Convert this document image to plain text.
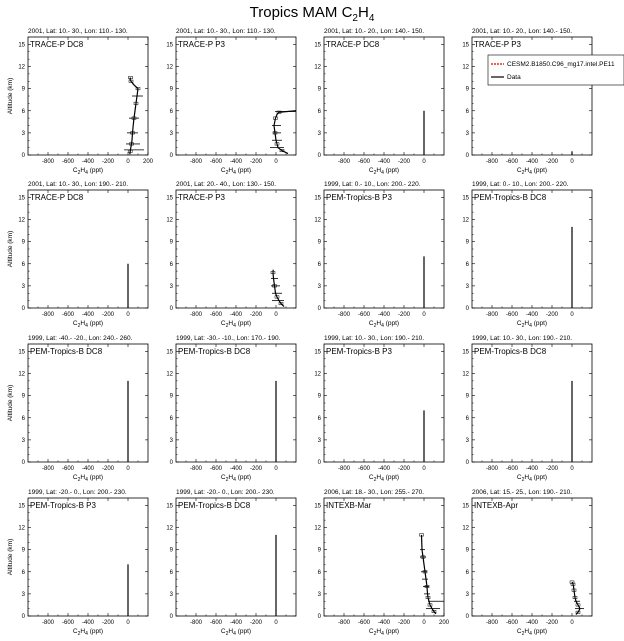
Tropics MAM $C_2H_4$
2001, Lat: 10.- 30., Lon: 110.- 130.
TRACE-P DC8
0
3
6
9
12
15
-800 -600 -400 -200 0 200
$C_2H_4$ (ppt)
Altitude (km)
2001, Lat: 10.- 30., Lon: 110.- 130.
TRACE-P P3
0
3
6
9
12
15
-800 -600 -400 -200 0
$C_2H_4$ (ppt)
2001, Lat: 10.- 20., Lon: 140.- 150.
TRACE-P DC8
0
3
6
9
12
15
-800 -600 -400 -200 0
$C_2H_4$ (ppt)
2001, Lat: 10.- 20., Lon: 140.- 150.
TRACE-P P3
0
3
6
9
12
15
-800 -600 -400 -200 0
$C_2H_4$ (ppt)
2001, Lat: 10.- 30., Lon: 190.- 210.
TRACE-P DC8
0
3
6
9
12
15
-800 -600 -400 -200 0
$C_2H_4$ (ppt)
Altitude (km)
2001, Lat: 20.- 40., Lon: 130.- 150.
TRACE-P P3
0
3
6
9
12
15
-800 -600 -400 -200 0
$C_2H_4$ (ppt)
1999, Lat: 0.- 10., Lon: 200.- 220.
PEM-Tropics-B P3
0
3
6
9
12
15
-800 -600 -400 -200 0
$C_2H_4$ (ppt)
1999, Lat: 0.- 10., Lon: 200.- 220.
PEM-Tropics-B DC8
0
3
6
9
12
15
-800 -600 -400 -200 0
$C_2H_4$ (ppt)
1999, Lat: -40.- -20., Lon: 240.- 260.
PEM-Tropics-B DC8
0
3
6
9
12
15
-800 -600 -400 -200 0
$C_2H_4$ (ppt)
Altitude (km)
1999, Lat: -30.- -10., Lon: 170.- 190.
PEM-Tropics-B DC8
0
3
6
9
12
15
-800 -600 -400 -200 0
$C_2H_4$ (ppt)
1999, Lat: 10.- 30., Lon: 190.- 210.
PEM-Tropics-B P3
0
3
6
9
12
15
-800 -600 -400 -200 0
$C_2H_4$ (ppt)
1999, Lat: 10.- 30., Lon: 190.- 210.
PEM-Tropics-B DC8
0
3
6
9
12
15
-800 -600 -400 -200 0
$C_2H_4$ (ppt)
1999, Lat: -20.- 0., Lon: 200.- 230.
PEM-Tropics-B P3
0
3
6
9
12
15
-800 -600 -400 -200 0
$C_2H_4$ (ppt)
Altitude (km)
1999, Lat: -20.- 0., Lon: 200.- 230.
PEM-Tropics-B DC8
0
3
6
9
12
15
-800 -600 -400 -200 0
$C_2H_4$ (ppt)
2006, Lat: 18.- 30., Lon: 255.- 270.
INTEXB-Mar
0
3
6
9
12
15
-800 -600 -400 -200 0 200
$C_2H_4$ (ppt)
2006, Lat: 15.- 25., Lon: 190.- 210.
INTEXB-Apr
0
3
6
9
12
15
-800 -600 -400 -200 0
$C_2H_4$ (ppt)
CESM2.B1850.C96_mg17.intel.PE11
Data
